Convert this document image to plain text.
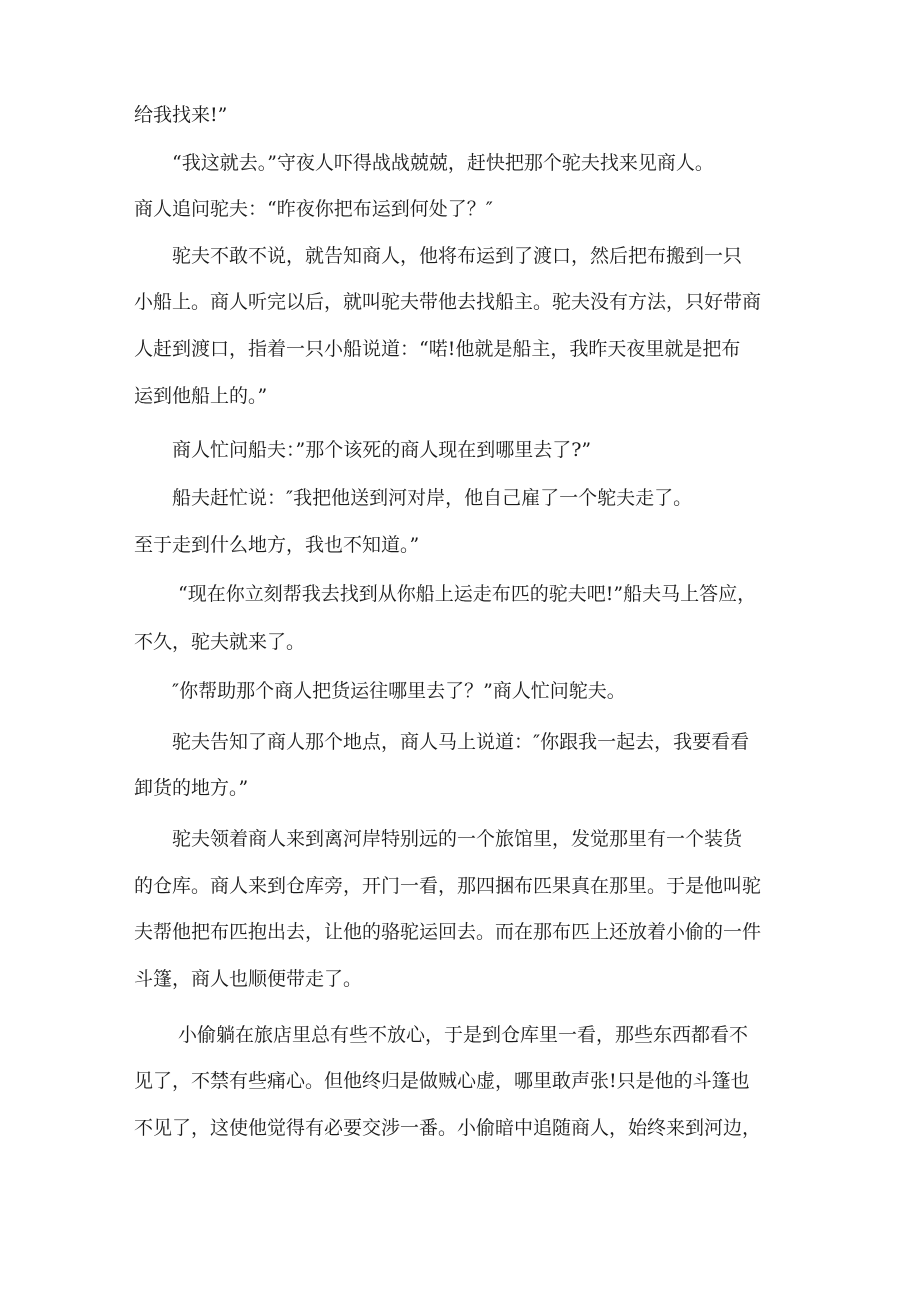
给我找来!”
“我这就去。”守夜人吓得战战兢兢，赶快把那个驼夫找来见商人。
商人追问驼夫：“昨夜你把布运到何处了？″
驼夫不敢不说，就告知商人，他将布运到了渡口，然后把布搬到一只
小船上。商人听完以后，就叫驼夫带他去找船主。驼夫没有方法，只好带商
人赶到渡口，指着一只小船说道：“喏!他就是船主，我昨天夜里就是把布
运到他船上的。”
商人忙问船夫：”那个该死的商人现在到哪里去了?”
船夫赶忙说：″我把他送到河对岸，他自己雇了一个鸵夫走了。
至于走到什么地方，我也不知道。”
“现在你立刻帮我去找到从你船上运走布匹的驼夫吧!”船夫马上答应，
不久，驼夫就来了。
″你帮助那个商人把货运往哪里去了？”商人忙问鸵夫。
驼夫告知了商人那个地点，商人马上说道：″你跟我一起去，我要看看
卸货的地方。”
驼夫领着商人来到离河岸特别远的一个旅馆里，发觉那里有一个装货
的仓库。商人来到仓库旁，开门一看，那四捆布匹果真在那里。于是他叫驼
夫帮他把布匹抱出去，让他的骆驼运回去。而在那布匹上还放着小偷的一件
斗篷，商人也顺便带走了。
小偷躺在旅店里总有些不放心，于是到仓库里一看，那些东西都看不
见了，不禁有些痛心。但他终归是做贼心虚，哪里敢声张!只是他的斗篷也
不见了，这使他觉得有必要交涉一番。小偷暗中追随商人，始终来到河边，
